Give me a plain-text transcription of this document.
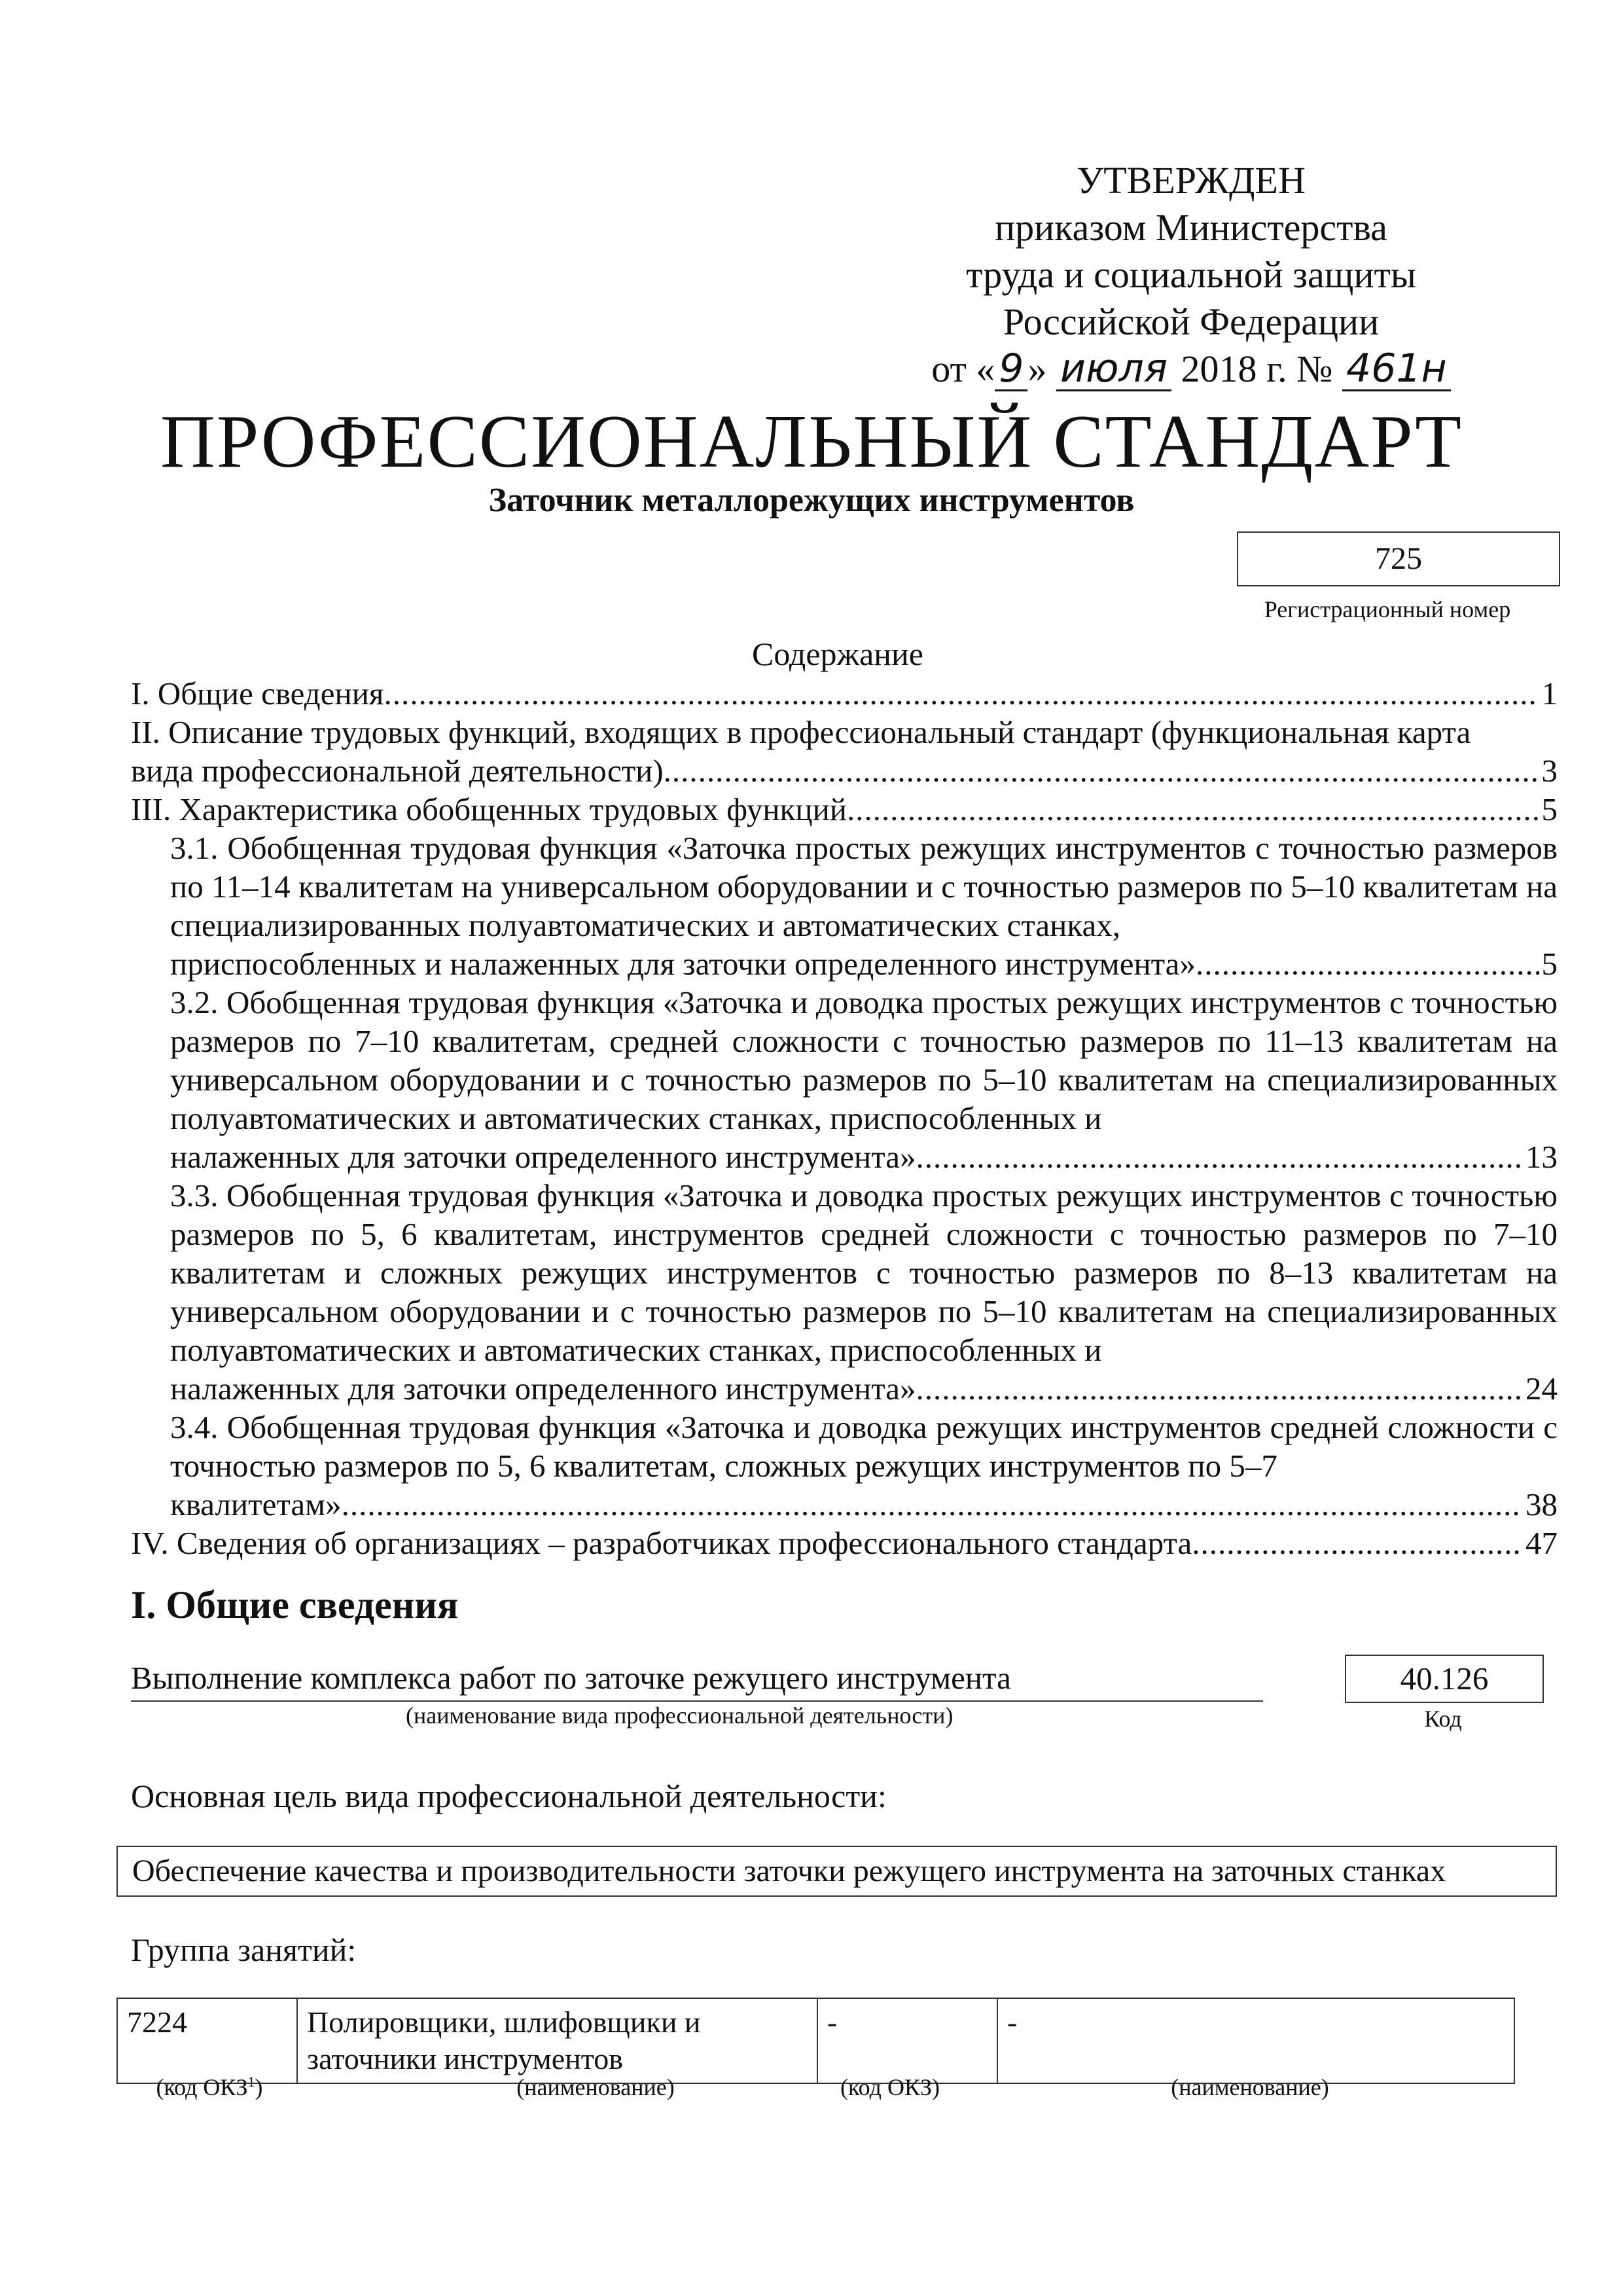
УТВЕРЖДЕН
приказом Министерства
труда и социальной защиты
Российской Федерации
от « 9 » июля 2018 г. № 461н
ПРОФЕССИОНАЛЬНЫЙ СТАНДАРТ
Заточник металлорежущих инструментов
725
Регистрационный номер
Содержание
I. Общие сведения .....	1
II. Описание трудовых функций, входящих в профессиональный стандарт (функциональная карта
вида профессиональной деятельности) .....	3
III. Характеристика обобщенных трудовых функций .....	5
3.1. Обобщенная трудовая функция «Заточка простых режущих инструментов с точностью размеров по 11–14 квалитетам на универсальном оборудовании и с точностью размеров по 5–10 квалитетам на специализированных полуавтоматических и автоматических станках,
приспособленных и налаженных для заточки определенного инструмента» .....	5
3.2. Обобщенная трудовая функция «Заточка и доводка простых режущих инструментов с точностью размеров по 7–10 квалитетам, средней сложности с точностью размеров по 11–13 квалитетам на универсальном оборудовании и с точностью размеров по 5–10 квалитетам на специализированных полуавтоматических и автоматических станках, приспособленных и
налаженных для заточки определенного инструмента» .....	13
3.3. Обобщенная трудовая функция «Заточка и доводка простых режущих инструментов с точностью размеров по 5, 6 квалитетам, инструментов средней сложности с точностью размеров по 7–10 квалитетам и сложных режущих инструментов с точностью размеров по 8–13 квалитетам на универсальном оборудовании и с точностью размеров по 5–10 квалитетам на специализированных полуавтоматических и автоматических станках, приспособленных и
налаженных для заточки определенного инструмента» .....	24
3.4. Обобщенная трудовая функция «Заточка и доводка режущих инструментов средней сложности с точностью размеров по 5, 6 квалитетам, сложных режущих инструментов по 5–7
квалитетам» .....	38
IV. Сведения об организациях – разработчиках профессионального стандарта .....	47
I. Общие сведения
Выполнение комплекса работ по заточке режущего инструмента
(наименование вида профессиональной деятельности)
40.126
Код
Основная цель вида профессиональной деятельности:
Обеспечение качества и производительности заточки режущего инструмента на заточных станках
Группа занятий:
7224	Полировщики, шлифовщики и заточники инструментов	-	-
(код ОКЗ$^1$)	(наименование)	(код ОКЗ)	(наименование)
